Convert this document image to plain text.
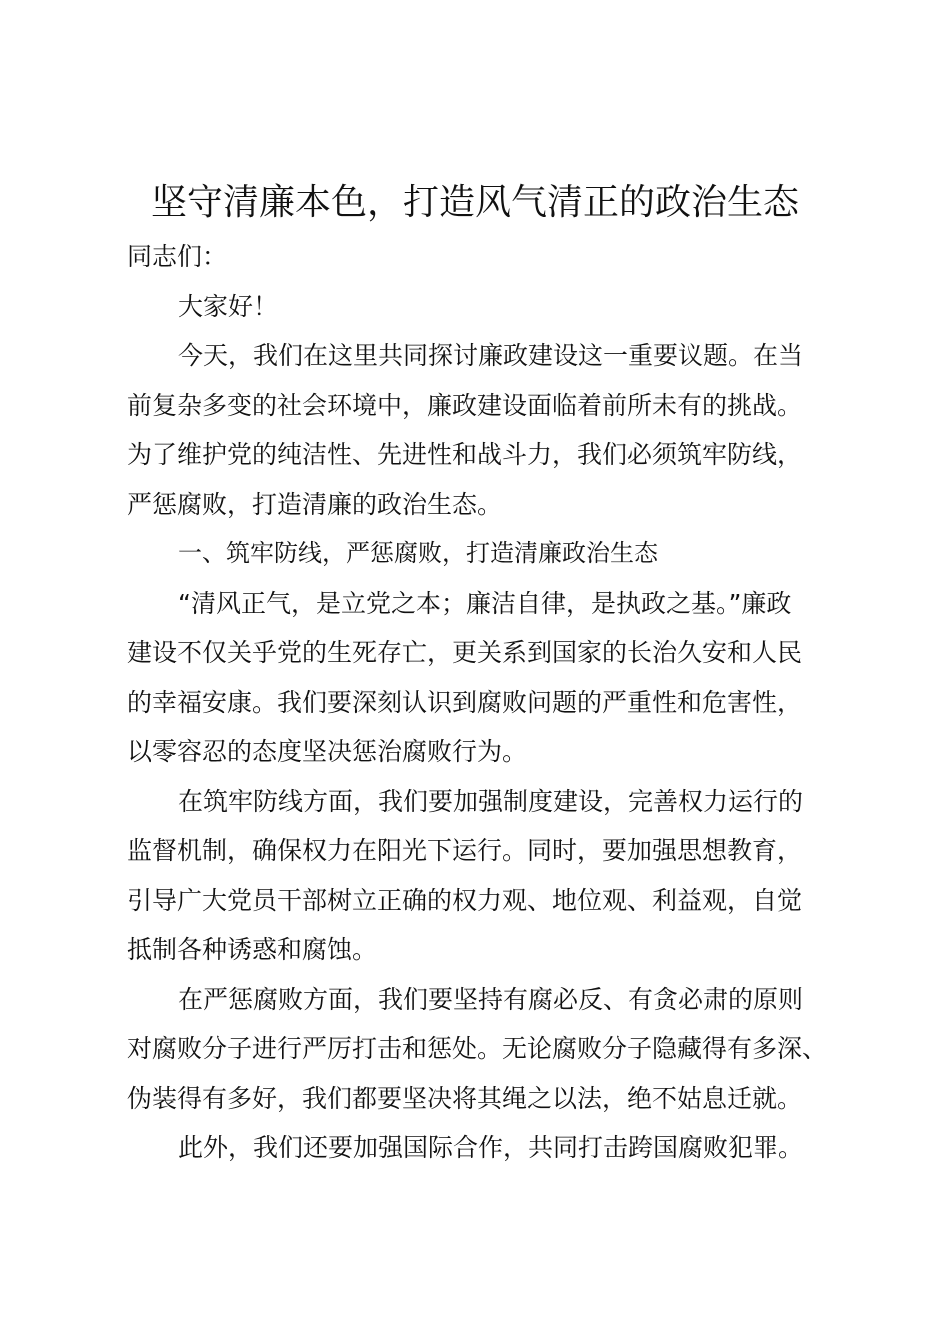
坚守清廉本色，打造风气清正的政治生态
同志们：
大家好！
今天，我们在这里共同探讨廉政建设这一重要议题。在当
前复杂多变的社会环境中，廉政建设面临着前所未有的挑战。
为了维护党的纯洁性、先进性和战斗力，我们必须筑牢防线，
严惩腐败，打造清廉的政治生态。
一、筑牢防线，严惩腐败，打造清廉政治生态
“清风正气，是立党之本；廉洁自律，是执政之基。”廉政
建设不仅关乎党的生死存亡，更关系到国家的长治久安和人民
的幸福安康。我们要深刻认识到腐败问题的严重性和危害性，
以零容忍的态度坚决惩治腐败行为。
在筑牢防线方面，我们要加强制度建设，完善权力运行的
监督机制，确保权力在阳光下运行。同时，要加强思想教育，
引导广大党员干部树立正确的权力观、地位观、利益观，自觉
抵制各种诱惑和腐蚀。
在严惩腐败方面，我们要坚持有腐必反、有贪必肃的原则
对腐败分子进行严厉打击和惩处。无论腐败分子隐藏得有多深、
伪装得有多好，我们都要坚决将其绳之以法，绝不姑息迁就。
此外，我们还要加强国际合作，共同打击跨国腐败犯罪。
